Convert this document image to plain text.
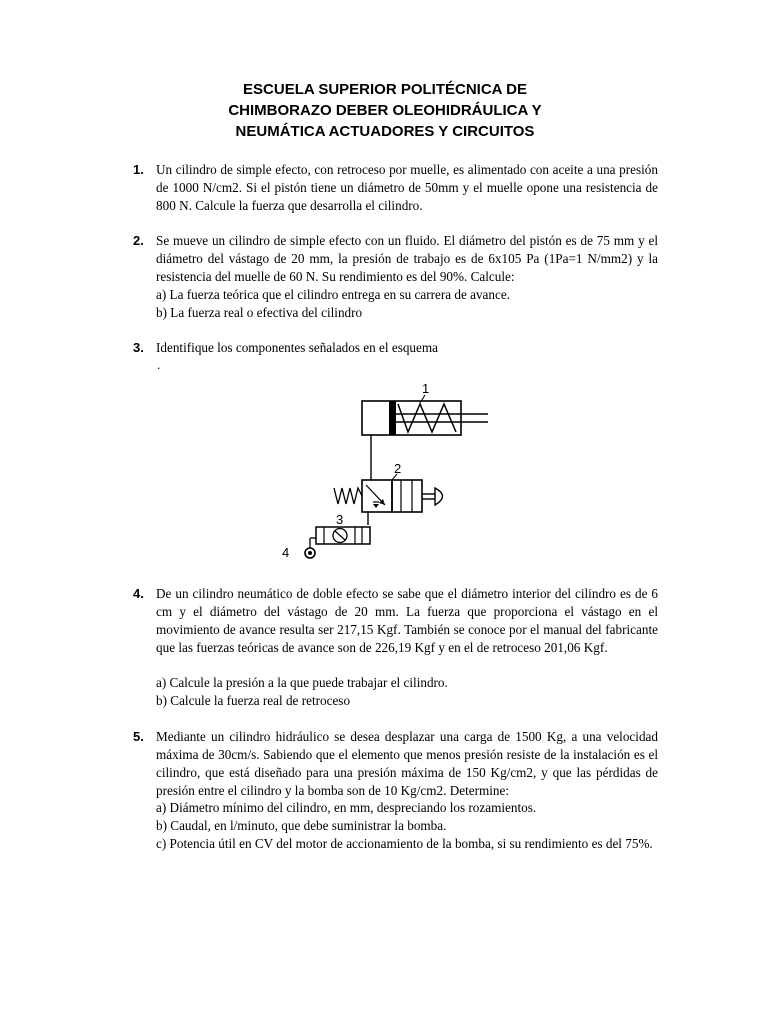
ESCUELA SUPERIOR POLITÉCNICA DE
CHIMBORAZO DEBER OLEOHIDRÁULICA Y
NEUMÁTICA ACTUADORES Y CIRCUITOS
1. Un cilindro de simple efecto, con retroceso por muelle, es alimentado con aceite a una presión de 1000 N/cm2. Si el pistón tiene un diámetro de 50mm y el muelle opone una resistencia de 800 N. Calcule la fuerza que desarrolla el cilindro.
2. Se mueve un cilindro de simple efecto con un fluido. El diámetro del pistón es de 75 mm y el diámetro del vástago de 20 mm, la presión de trabajo es de 6x105 Pa (1Pa=1 N/mm2) y la resistencia del muelle de 60 N. Su rendimiento es del 90%. Calcule:
a) La fuerza teórica que el cilindro entrega en su carrera de avance.
b) La fuerza real o efectiva del cilindro
3. Identifique los componentes señalados en el esquema
.
1
2
3
4
4. De un cilindro neumático de doble efecto se sabe que el diámetro interior del cilindro es de 6 cm y el diámetro del vástago de 20 mm. La fuerza que proporciona el vástago en el movimiento de avance resulta ser 217,15 Kgf. También se conoce por el manual del fabricante que las fuerzas teóricas de avance son de 226,19 Kgf y en el de retroceso 201,06 Kgf.
a) Calcule la presión a la que puede trabajar el cilindro.
b) Calcule la fuerza real de retroceso
5. Mediante un cilindro hidráulico se desea desplazar una carga de 1500 Kg, a una velocidad máxima de 30cm/s. Sabiendo que el elemento que menos presión resiste de la instalación es el cilindro, que está diseñado para una presión máxima de 150 Kg/cm2, y que las pérdidas de presión entre el cilindro y la bomba son de 10 Kg/cm2. Determine:
a) Diámetro mínimo del cilindro, en mm, despreciando los rozamientos.
b) Caudal, en l/minuto, que debe suministrar la bomba.
c) Potencia útil en CV del motor de accionamiento de la bomba, si su rendimiento es del 75%.
